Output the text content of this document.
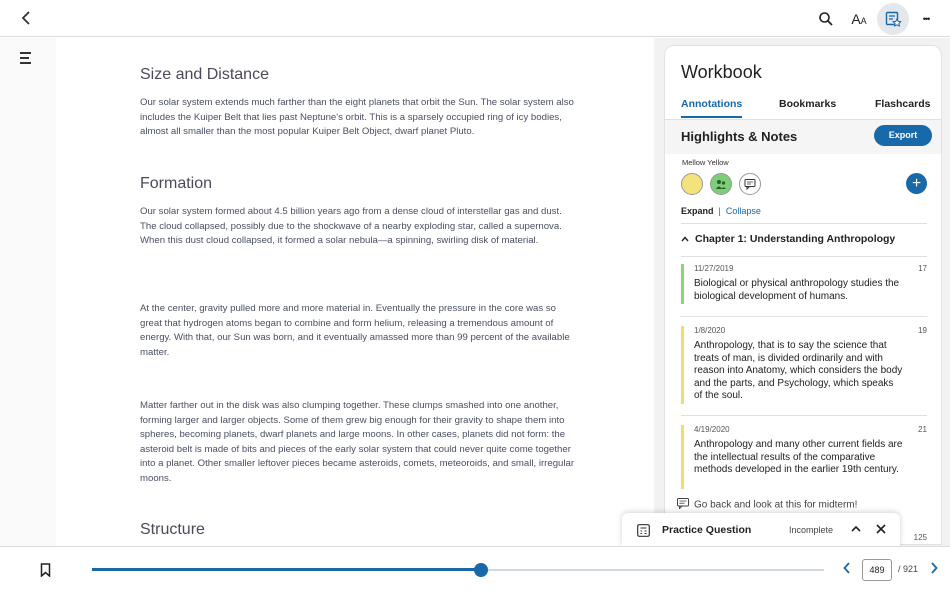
A A	•••
Size and Distance

Our solar system extends much farther than the eight planets that orbit the Sun. The solar system also includes the Kuiper Belt that lies past Neptune's orbit. This is a sparsely occupied ring of icy bodies, almost all smaller than the most popular Kuiper Belt Object, dwarf planet Pluto.

Formation

Our solar system formed about 4.5 billion years ago from a dense cloud of interstellar gas and dust. The cloud collapsed, possibly due to the shockwave of a nearby exploding star, called a supernova. When this dust cloud collapsed, it formed a solar nebula—a spinning, swirling disk of material.

At the center, gravity pulled more and more material in. Eventually the pressure in the core was so great that hydrogen atoms began to combine and form helium, releasing a tremendous amount of energy. With that, our Sun was born, and it eventually amassed more than 99 percent of the available matter.

Matter farther out in the disk was also clumping together. These clumps smashed into one another, forming larger and larger objects. Some of them grew big enough for their gravity to shape them into spheres, becoming planets, dwarf planets and large moons. In other cases, planets did not form: the asteroid belt is made of bits and pieces of the early solar system that could never quite come together into a planet. Other smaller leftover pieces became asteroids, comets, meteoroids, and small, irregular moons.

Structure
Workbook
Annotations	Bookmarks	Flashcards
Highlights & Notes	Export
Mellow Yellow
+
Expand | Collapse
Chapter 1: Understanding Anthropology
11/27/2019	17
Biological or physical anthropology studies the biological development of humans.
1/8/2020	19
Anthropology, that is to say the science that treats of man, is divided ordinarily and with reason into Anatomy, which considers the body and the parts, and Psychology, which speaks of the soul.
4/19/2020	21
Anthropology and many other current fields are the intellectual results of the comparative methods developed in the earlier 19th century.
Go back and look at this for midterm!
125
Practice Question	Incomplete
489	/ 921
